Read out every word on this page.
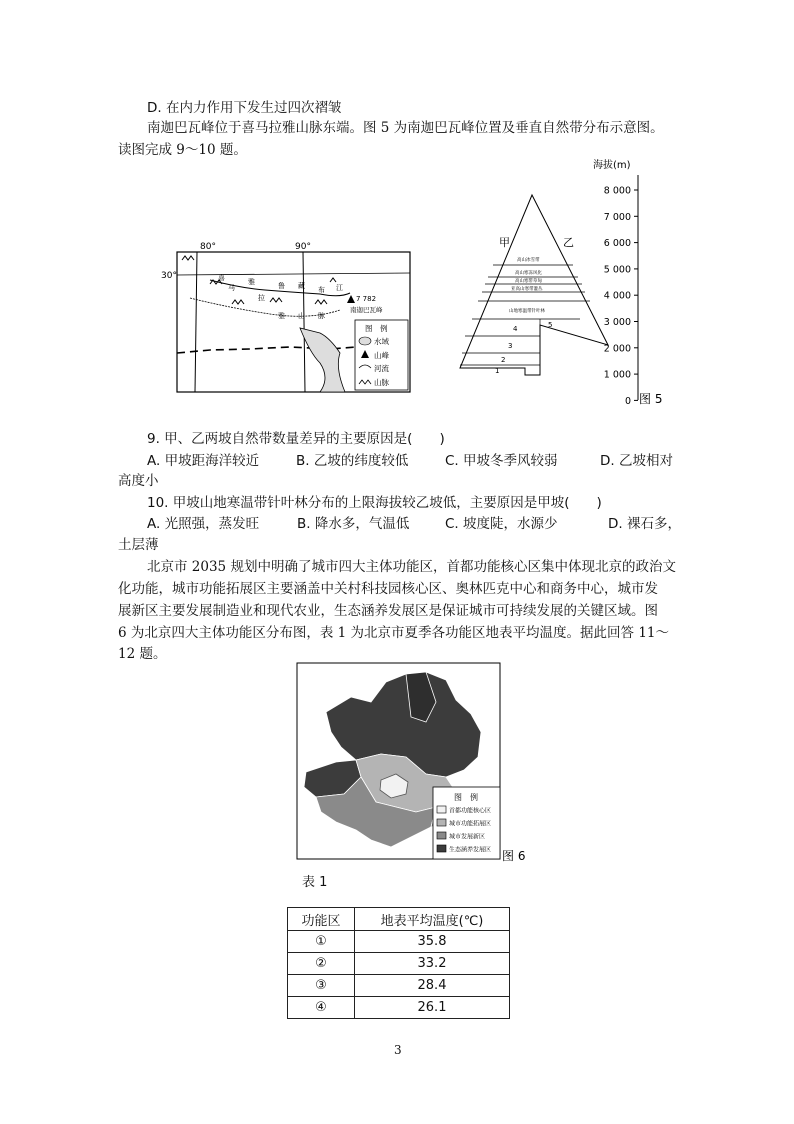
D. 在内力作用下发生过四次褶皱
南迦巴瓦峰位于喜马拉雅山脉东端。图 5 为南迦巴瓦峰位置及垂直自然带分布示意图。
读图完成 9～10 题。
80°	90°
30°
7 782
南迦巴瓦峰
喜
马
拉
雅 山 脉
雅	鲁 藏 布 江
图　例
水域
山峰
河流
山脉
海拔(m)
8 000
7 000
6 000
5 000
4 000
3 000
2 000
1 000
0
甲	乙
高山冰雪带
高山寒冻风化
高山寒带草甸
亚高山寒带灌丛
山地寒温带针叶林
4
3
2
1
5
图 5
9. 甲、乙两坡自然带数量差异的主要原因是(　　)
A. 甲坡距海洋较近	B. 乙坡的纬度较低	C. 甲坡冬季风较弱	D. 乙坡相对
高度小
10. 甲坡山地寒温带针叶林分布的上限海拔较乙坡低，主要原因是甲坡(　　)
A. 光照强，蒸发旺	B. 降水多，气温低	C. 坡度陡，水源少	D. 裸石多，
土层薄
北京市 2035 规划中明确了城市四大主体功能区，首都功能核心区集中体现北京的政治文
化功能，城市功能拓展区主要涵盖中关村科技园核心区、奥林匹克中心和商务中心，城市发
展新区主要发展制造业和现代农业，生态涵养发展区是保证城市可持续发展的关键区域。图
6 为北京四大主体功能区分布图，表 1 为北京市夏季各功能区地表平均温度。据此回答 11～
12 题。
图　例
首都功能核心区
城市功能拓展区
城市发展新区
生态涵养发展区 图 6
表 1
功能区	地表平均温度(℃)
①	35.8
②	33.2
③	28.4
④	26.1
3
